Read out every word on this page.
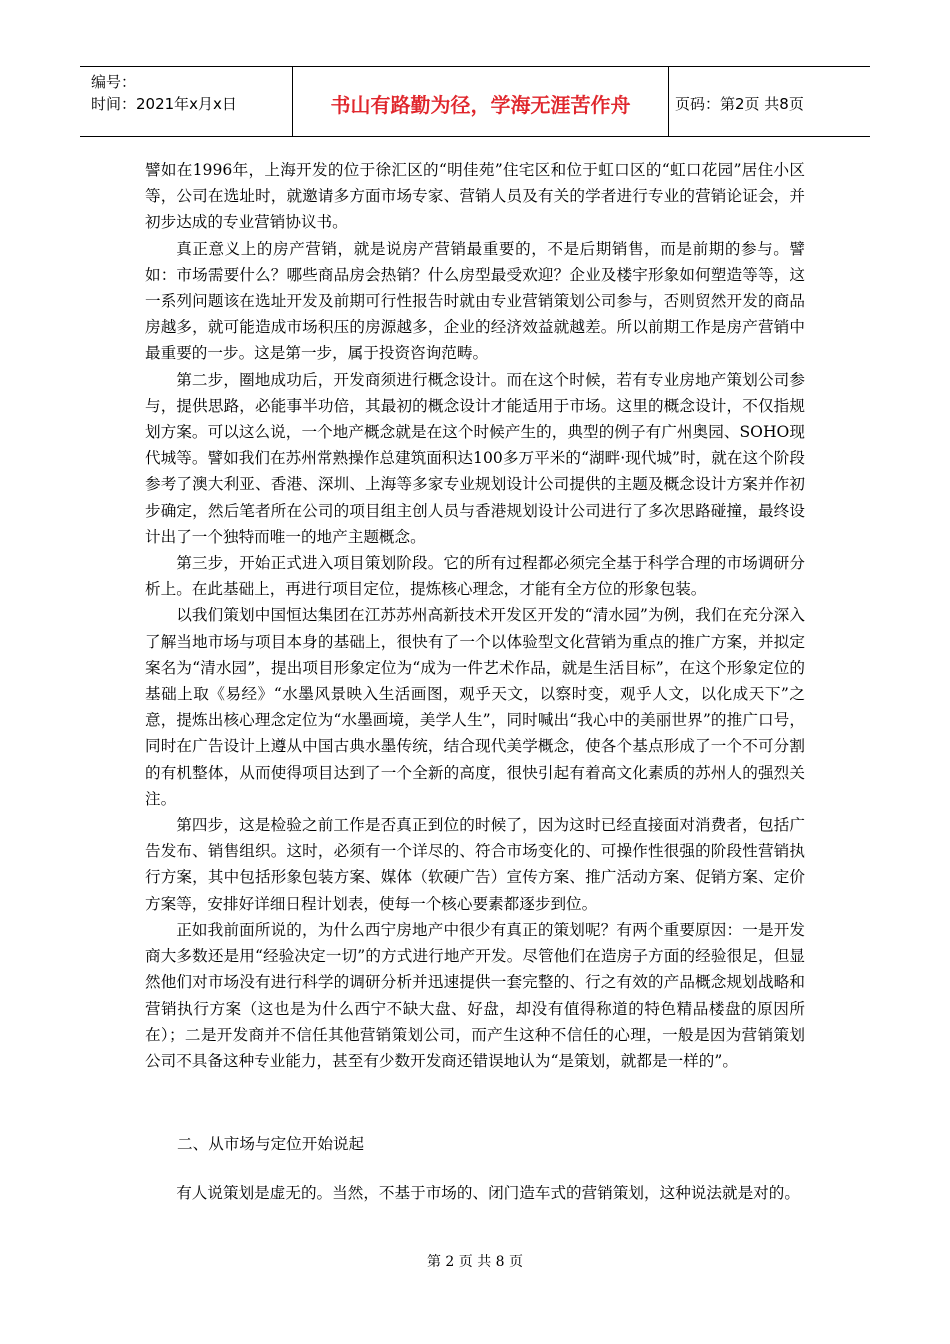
编号：
时间：2021年x月x日	书山有路勤为径，学海无涯苦作舟	页码：第2页 共8页

譬如在1996年，上海开发的位于徐汇区的“明佳苑”住宅区和位于虹口区的“虹口花园”居住小区等，公司在选址时，就邀请多方面市场专家、营销人员及有关的学者进行专业的营销论证会，并初步达成的专业营销协议书。

真正意义上的房产营销，就是说房产营销最重要的，不是后期销售，而是前期的参与。譬如：市场需要什么？哪些商品房会热销？什么房型最受欢迎？企业及楼宇形象如何塑造等等，这一系列问题该在选址开发及前期可行性报告时就由专业营销策划公司参与，否则贸然开发的商品房越多，就可能造成市场积压的房源越多，企业的经济效益就越差。所以前期工作是房产营销中最重要的一步。这是第一步，属于投资咨询范畴。

第二步，圈地成功后，开发商须进行概念设计。而在这个时候，若有专业房地产策划公司参与，提供思路，必能事半功倍，其最初的概念设计才能适用于市场。这里的概念设计，不仅指规划方案。可以这么说，一个地产概念就是在这个时候产生的，典型的例子有广州奥园、SOHO现代城等。譬如我们在苏州常熟操作总建筑面积达100多万平米的“湖畔·现代城”时，就在这个阶段参考了澳大利亚、香港、深圳、上海等多家专业规划设计公司提供的主题及概念设计方案并作初步确定，然后笔者所在公司的项目组主创人员与香港规划设计公司进行了多次思路碰撞，最终设计出了一个独特而唯一的地产主题概念。

第三步，开始正式进入项目策划阶段。它的所有过程都必须完全基于科学合理的市场调研分析上。在此基础上，再进行项目定位，提炼核心理念，才能有全方位的形象包装。

以我们策划中国恒达集团在江苏苏州高新技术开发区开发的“清水园”为例，我们在充分深入了解当地市场与项目本身的基础上，很快有了一个以体验型文化营销为重点的推广方案，并拟定案名为“清水园”，提出项目形象定位为“成为一件艺术作品，就是生活目标”，在这个形象定位的基础上取《易经》“水墨风景映入生活画图，观乎天文，以察时变，观乎人文，以化成天下”之意，提炼出核心理念定位为“水墨画境，美学人生”，同时喊出“我心中的美丽世界”的推广口号，同时在广告设计上遵从中国古典水墨传统，结合现代美学概念，使各个基点形成了一个不可分割的有机整体，从而使得项目达到了一个全新的高度，很快引起有着高文化素质的苏州人的强烈关注。

第四步，这是检验之前工作是否真正到位的时候了，因为这时已经直接面对消费者，包括广告发布、销售组织。这时，必须有一个详尽的、符合市场变化的、可操作性很强的阶段性营销执行方案，其中包括形象包装方案、媒体（软硬广告）宣传方案、推广活动方案、促销方案、定价方案等，安排好详细日程计划表，使每一个核心要素都逐步到位。

正如我前面所说的，为什么西宁房地产中很少有真正的策划呢？有两个重要原因：一是开发商大多数还是用“经验决定一切”的方式进行地产开发。尽管他们在造房子方面的经验很足，但显然他们对市场没有进行科学的调研分析并迅速提供一套完整的、行之有效的产品概念规划战略和营销执行方案（这也是为什么西宁不缺大盘、好盘，却没有值得称道的特色精品楼盘的原因所在）；二是开发商并不信任其他营销策划公司，而产生这种不信任的心理，一般是因为营销策划公司不具备这种专业能力，甚至有少数开发商还错误地认为“是策划，就都是一样的”。

二、从市场与定位开始说起

有人说策划是虚无的。当然，不基于市场的、闭门造车式的营销策划，这种说法就是对的。

第 2 页 共 8 页
